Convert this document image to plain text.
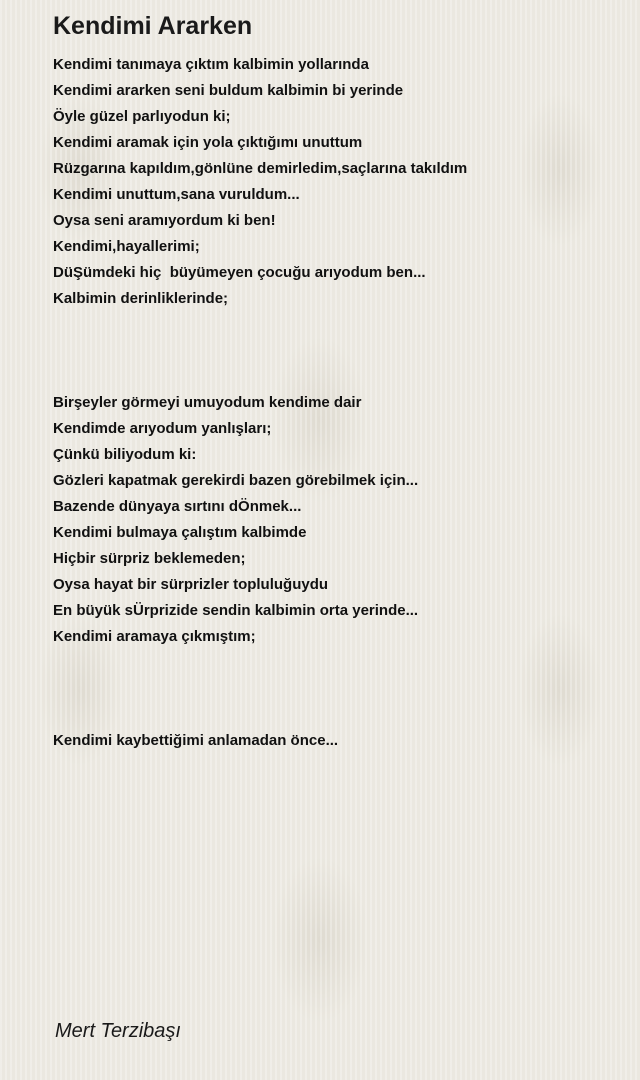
Kendimi Ararken
Kendimi tanımaya çıktım kalbimin yollarında
Kendimi ararken seni buldum kalbimin bi yerinde
Öyle güzel parlıyodun ki;
Kendimi aramak için yola çıktığımı unuttum
Rüzgarına kapıldım,gönlüne demirledim,saçlarına takıldım
Kendimi unuttum,sana vuruldum...
Oysa seni aramıyordum ki ben!
Kendimi,hayallerimi;
DüŞümdeki hiç  büyümeyen çocuğu arıyodum ben...
Kalbimin derinliklerinde;
Birşeyler görmeyi umuyodum kendime dair
Kendimde arıyodum yanlışları;
Çünkü biliyodum ki:
Gözleri kapatmak gerekirdi bazen görebilmek için...
Bazende dünyaya sırtını dÖnmek...
Kendimi bulmaya çalıştım kalbimde
Hiçbir sürpriz beklemeden;
Oysa hayat bir sürprizler topluluğuydu
En büyük sÜrprizide sendin kalbimin orta yerinde...
Kendimi aramaya çıkmıştım;
Kendimi kaybettiğimi anlamadan önce...
Mert Terzibaşı
